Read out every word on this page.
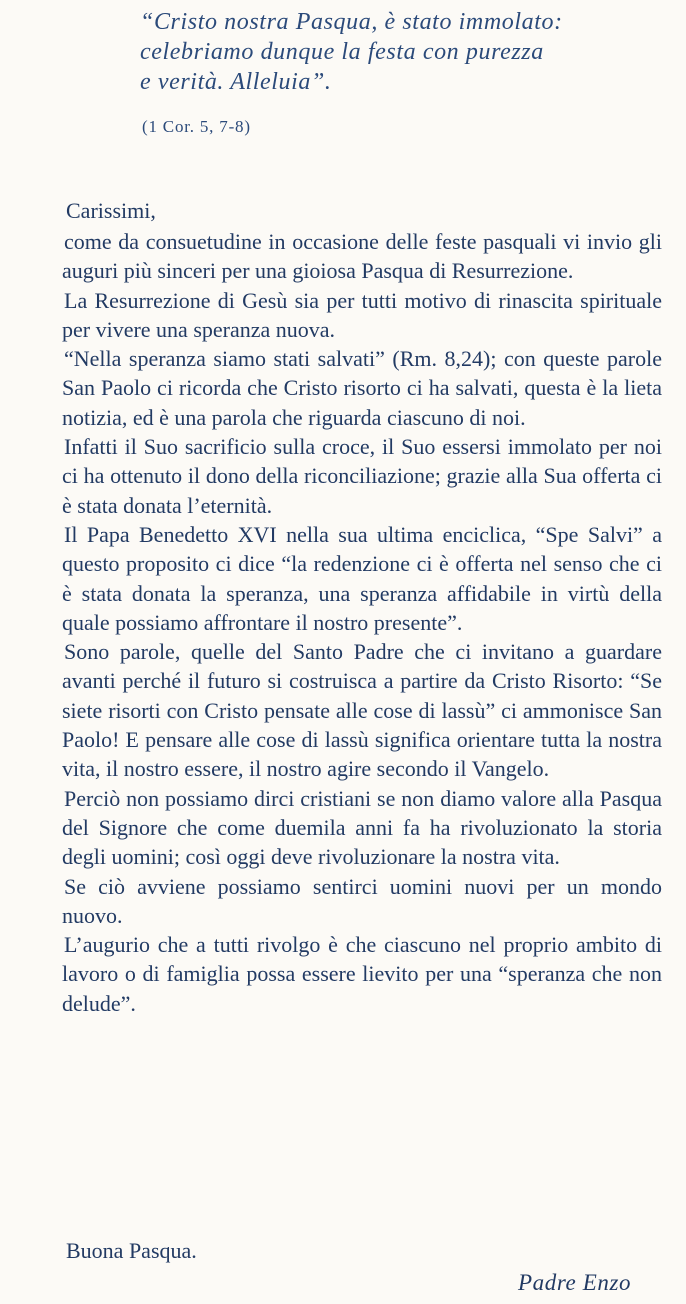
“Cristo nostra Pasqua, è stato immolato:
celebriamo dunque la festa con purezza
e verità. Alleluia”.
(1 Cor. 5, 7-8)
Carissimi,

come da consuetudine in occasione delle feste pasquali vi invio gli auguri più sinceri per una gioiosa Pasqua di Resurrezione.

La Resurrezione di Gesù sia per tutti motivo di rinascita spirituale per vivere una speranza nuova.

“Nella speranza siamo stati salvati” (Rm. 8,24); con queste parole San Paolo ci ricorda che Cristo risorto ci ha salvati, questa è la lieta notizia, ed è una parola che riguarda ciascuno di noi.

Infatti il Suo sacrificio sulla croce, il Suo essersi immolato per noi ci ha ottenuto il dono della riconciliazione; grazie alla Sua offerta ci è stata donata l’eternità.

Il Papa Benedetto XVI nella sua ultima enciclica, “Spe Salvi” a questo proposito ci dice “la redenzione ci è offerta nel senso che ci è stata donata la speranza, una speranza affidabile in virtù della quale possiamo affrontare il nostro presente”.

Sono parole, quelle del Santo Padre che ci invitano a guardare avanti perché il futuro si costruisca a partire da Cristo Risorto: “Se siete risorti con Cristo pensate alle cose di lassù” ci ammonisce San Paolo! E pensare alle cose di lassù significa orientare tutta la nostra vita, il nostro essere, il nostro agire secondo il Vangelo.

Perciò non possiamo dirci cristiani se non diamo valore alla Pasqua del Signore che come duemila anni fa ha rivoluzionato la storia degli uomini; così oggi deve rivoluzionare la nostra vita.

Se ciò avviene possiamo sentirci uomini nuovi per un mondo nuovo.

L’augurio che a tutti rivolgo è che ciascuno nel proprio ambito di lavoro o di famiglia possa essere lievito per una “speranza che non delude”.

Buona Pasqua.
Padre Enzo
